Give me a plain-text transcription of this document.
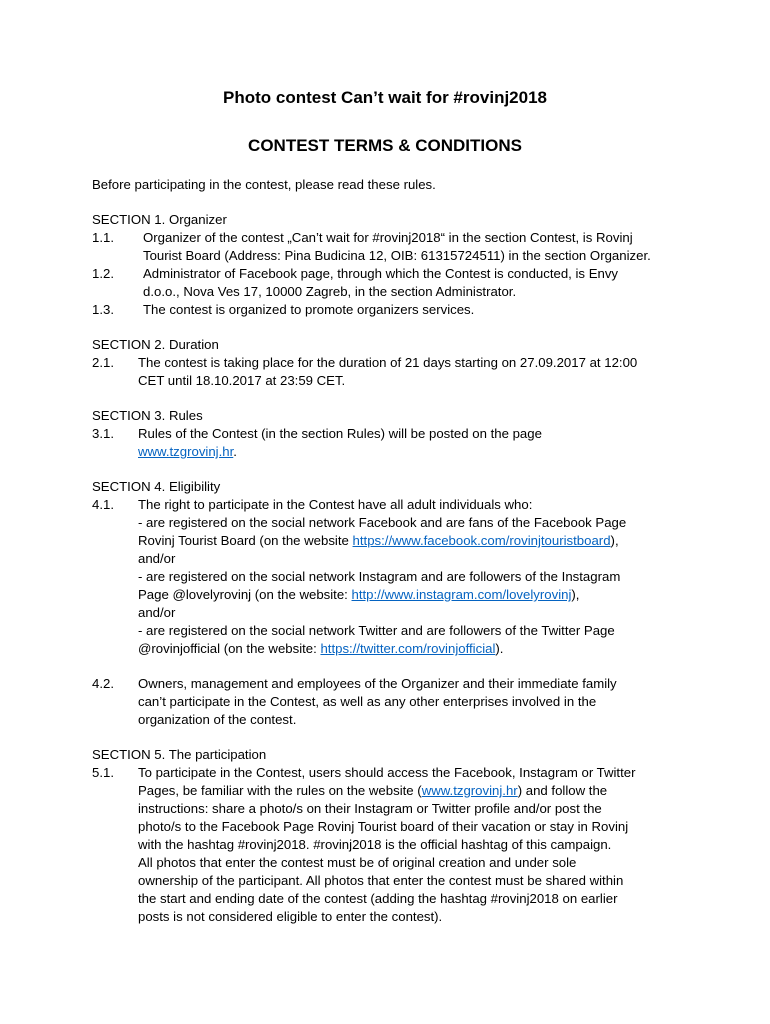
Photo contest Can’t wait for #rovinj2018
CONTEST TERMS & CONDITIONS
Before participating in the contest, please read these rules.
SECTION 1. Organizer
1.1. Organizer of the contest „Can’t wait for #rovinj2018“ in the section Contest, is Rovinj
Tourist Board (Address: Pina Budicina 12, OIB: 61315724511) in the section Organizer.
1.2. Administrator of Facebook page, through which the Contest is conducted, is Envy
d.o.o., Nova Ves 17, 10000 Zagreb, in the section Administrator.
1.3. The contest is organized to promote organizers services.
SECTION 2. Duration
2.1. The contest is taking place for the duration of 21 days starting on 27.09.2017 at 12:00
CET until 18.10.2017 at 23:59 CET.
SECTION 3. Rules
3.1. Rules of the Contest (in the section Rules) will be posted on the page
www.tzgrovinj.hr.
SECTION 4. Eligibility
4.1. The right to participate in the Contest have all adult individuals who:
- are registered on the social network Facebook and are fans of the Facebook Page
Rovinj Tourist Board (on the website https://www.facebook.com/rovinjtouristboard),
and/or
- are registered on the social network Instagram and are followers of the Instagram
Page @lovelyrovinj (on the website: http://www.instagram.com/lovelyrovinj),
and/or
- are registered on the social network Twitter and are followers of the Twitter Page
@rovinjofficial (on the website: https://twitter.com/rovinjofficial).
4.2. Owners, management and employees of the Organizer and their immediate family
can’t participate in the Contest, as well as any other enterprises involved in the
organization of the contest.
SECTION 5. The participation
5.1. To participate in the Contest, users should access the Facebook, Instagram or Twitter
Pages, be familiar with the rules on the website (www.tzgrovinj.hr) and follow the
instructions: share a photo/s on their Instagram or Twitter profile and/or post the
photo/s to the Facebook Page Rovinj Tourist board of their vacation or stay in Rovinj
with the hashtag #rovinj2018. #rovinj2018 is the official hashtag of this campaign.
All photos that enter the contest must be of original creation and under sole
ownership of the participant. All photos that enter the contest must be shared within
the start and ending date of the contest (adding the hashtag #rovinj2018 on earlier
posts is not considered eligible to enter the contest).
